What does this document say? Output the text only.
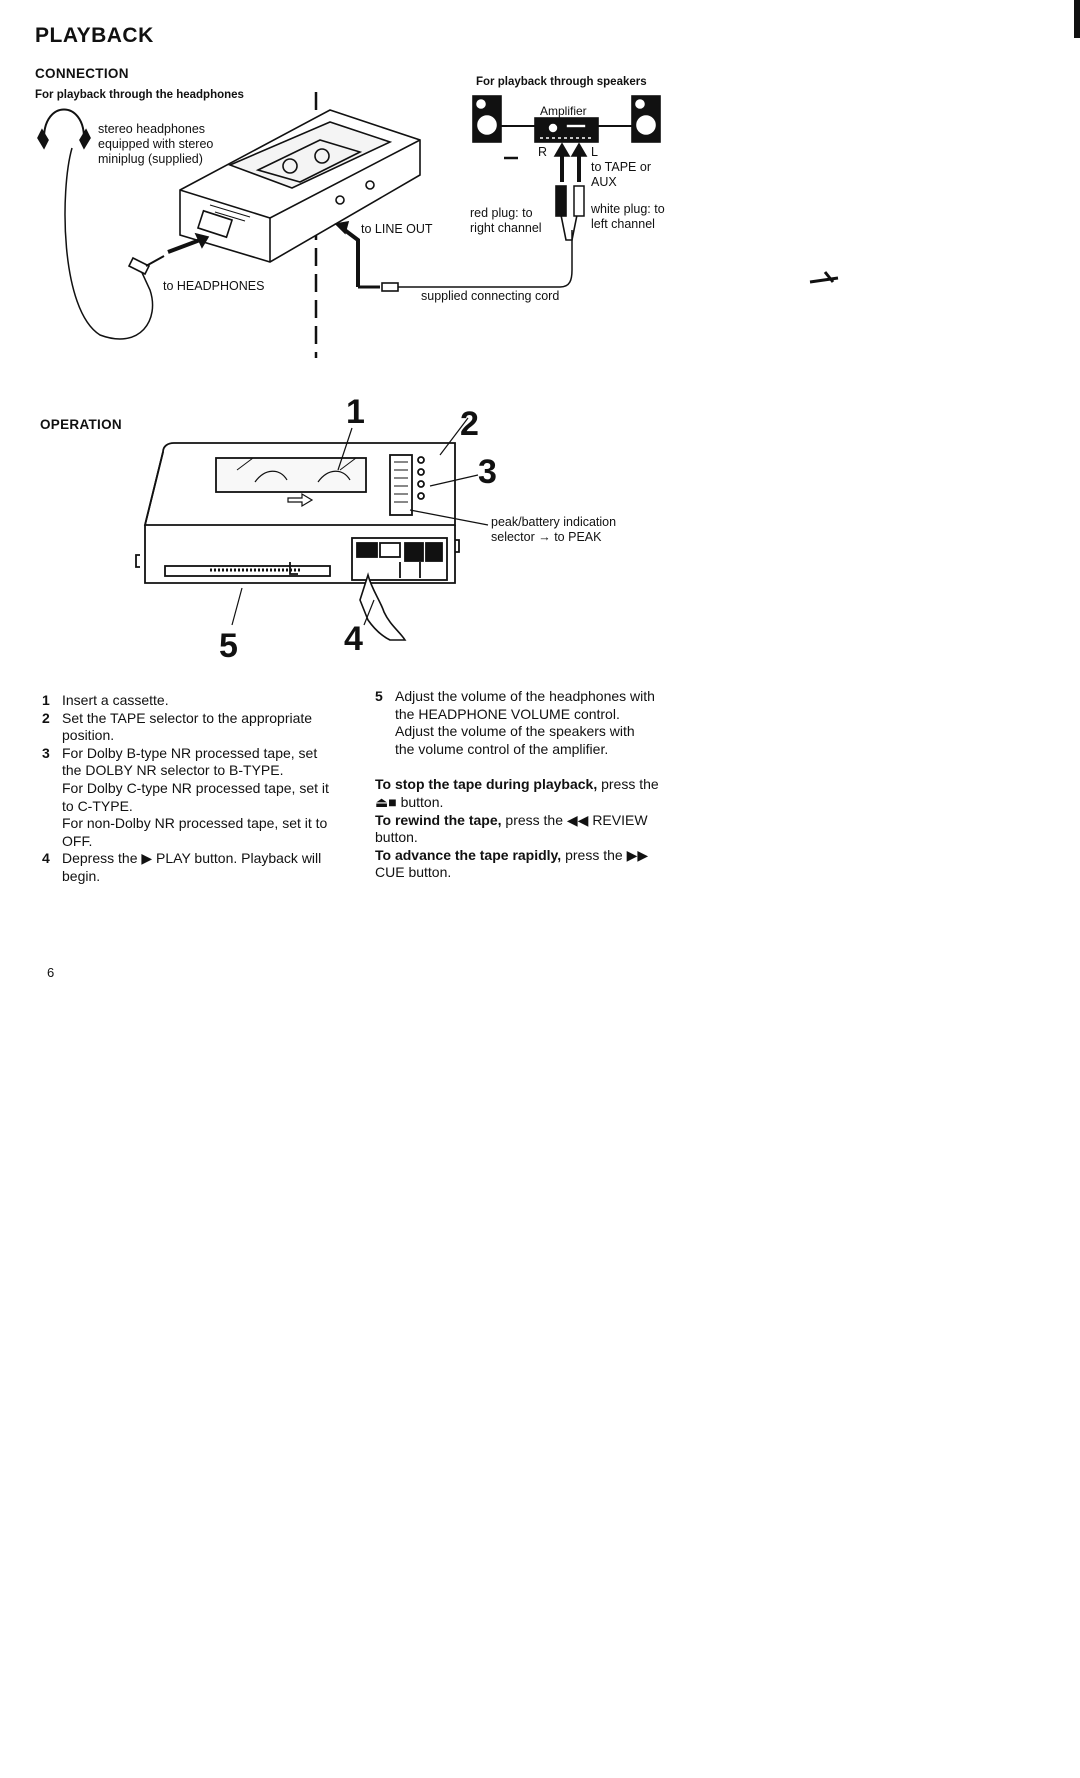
PLAYBACK
CONNECTION
For playback through the headphones
stereo headphones
equipped with stereo
miniplug (supplied)
to HEADPHONES
to LINE OUT
For playback through speakers
Amplifier
R	L
to TAPE or
AUX
red plug: to
right channel
white plug: to
left channel
supplied connecting cord
OPERATION	1	2
3
4
5
peak/battery indication
selector → to PEAK
1 Insert a cassette.
2 Set the TAPE selector to the appropriate
position.
3 For Dolby B-type NR processed tape, set
the DOLBY NR selector to B-TYPE.
For Dolby C-type NR processed tape, set it
to C-TYPE.
For non-Dolby NR processed tape, set it to
OFF.
4 Depress the ▶ PLAY button. Playback will
begin.
5 Adjust the volume of the headphones with
the HEADPHONE VOLUME control.
Adjust the volume of the speakers with
the volume control of the amplifier.
To stop the tape during playback, press the
⏏■ button.
To rewind the tape, press the ◀◀ REVIEW
button.
To advance the tape rapidly, press the ▶▶
CUE button.
6
